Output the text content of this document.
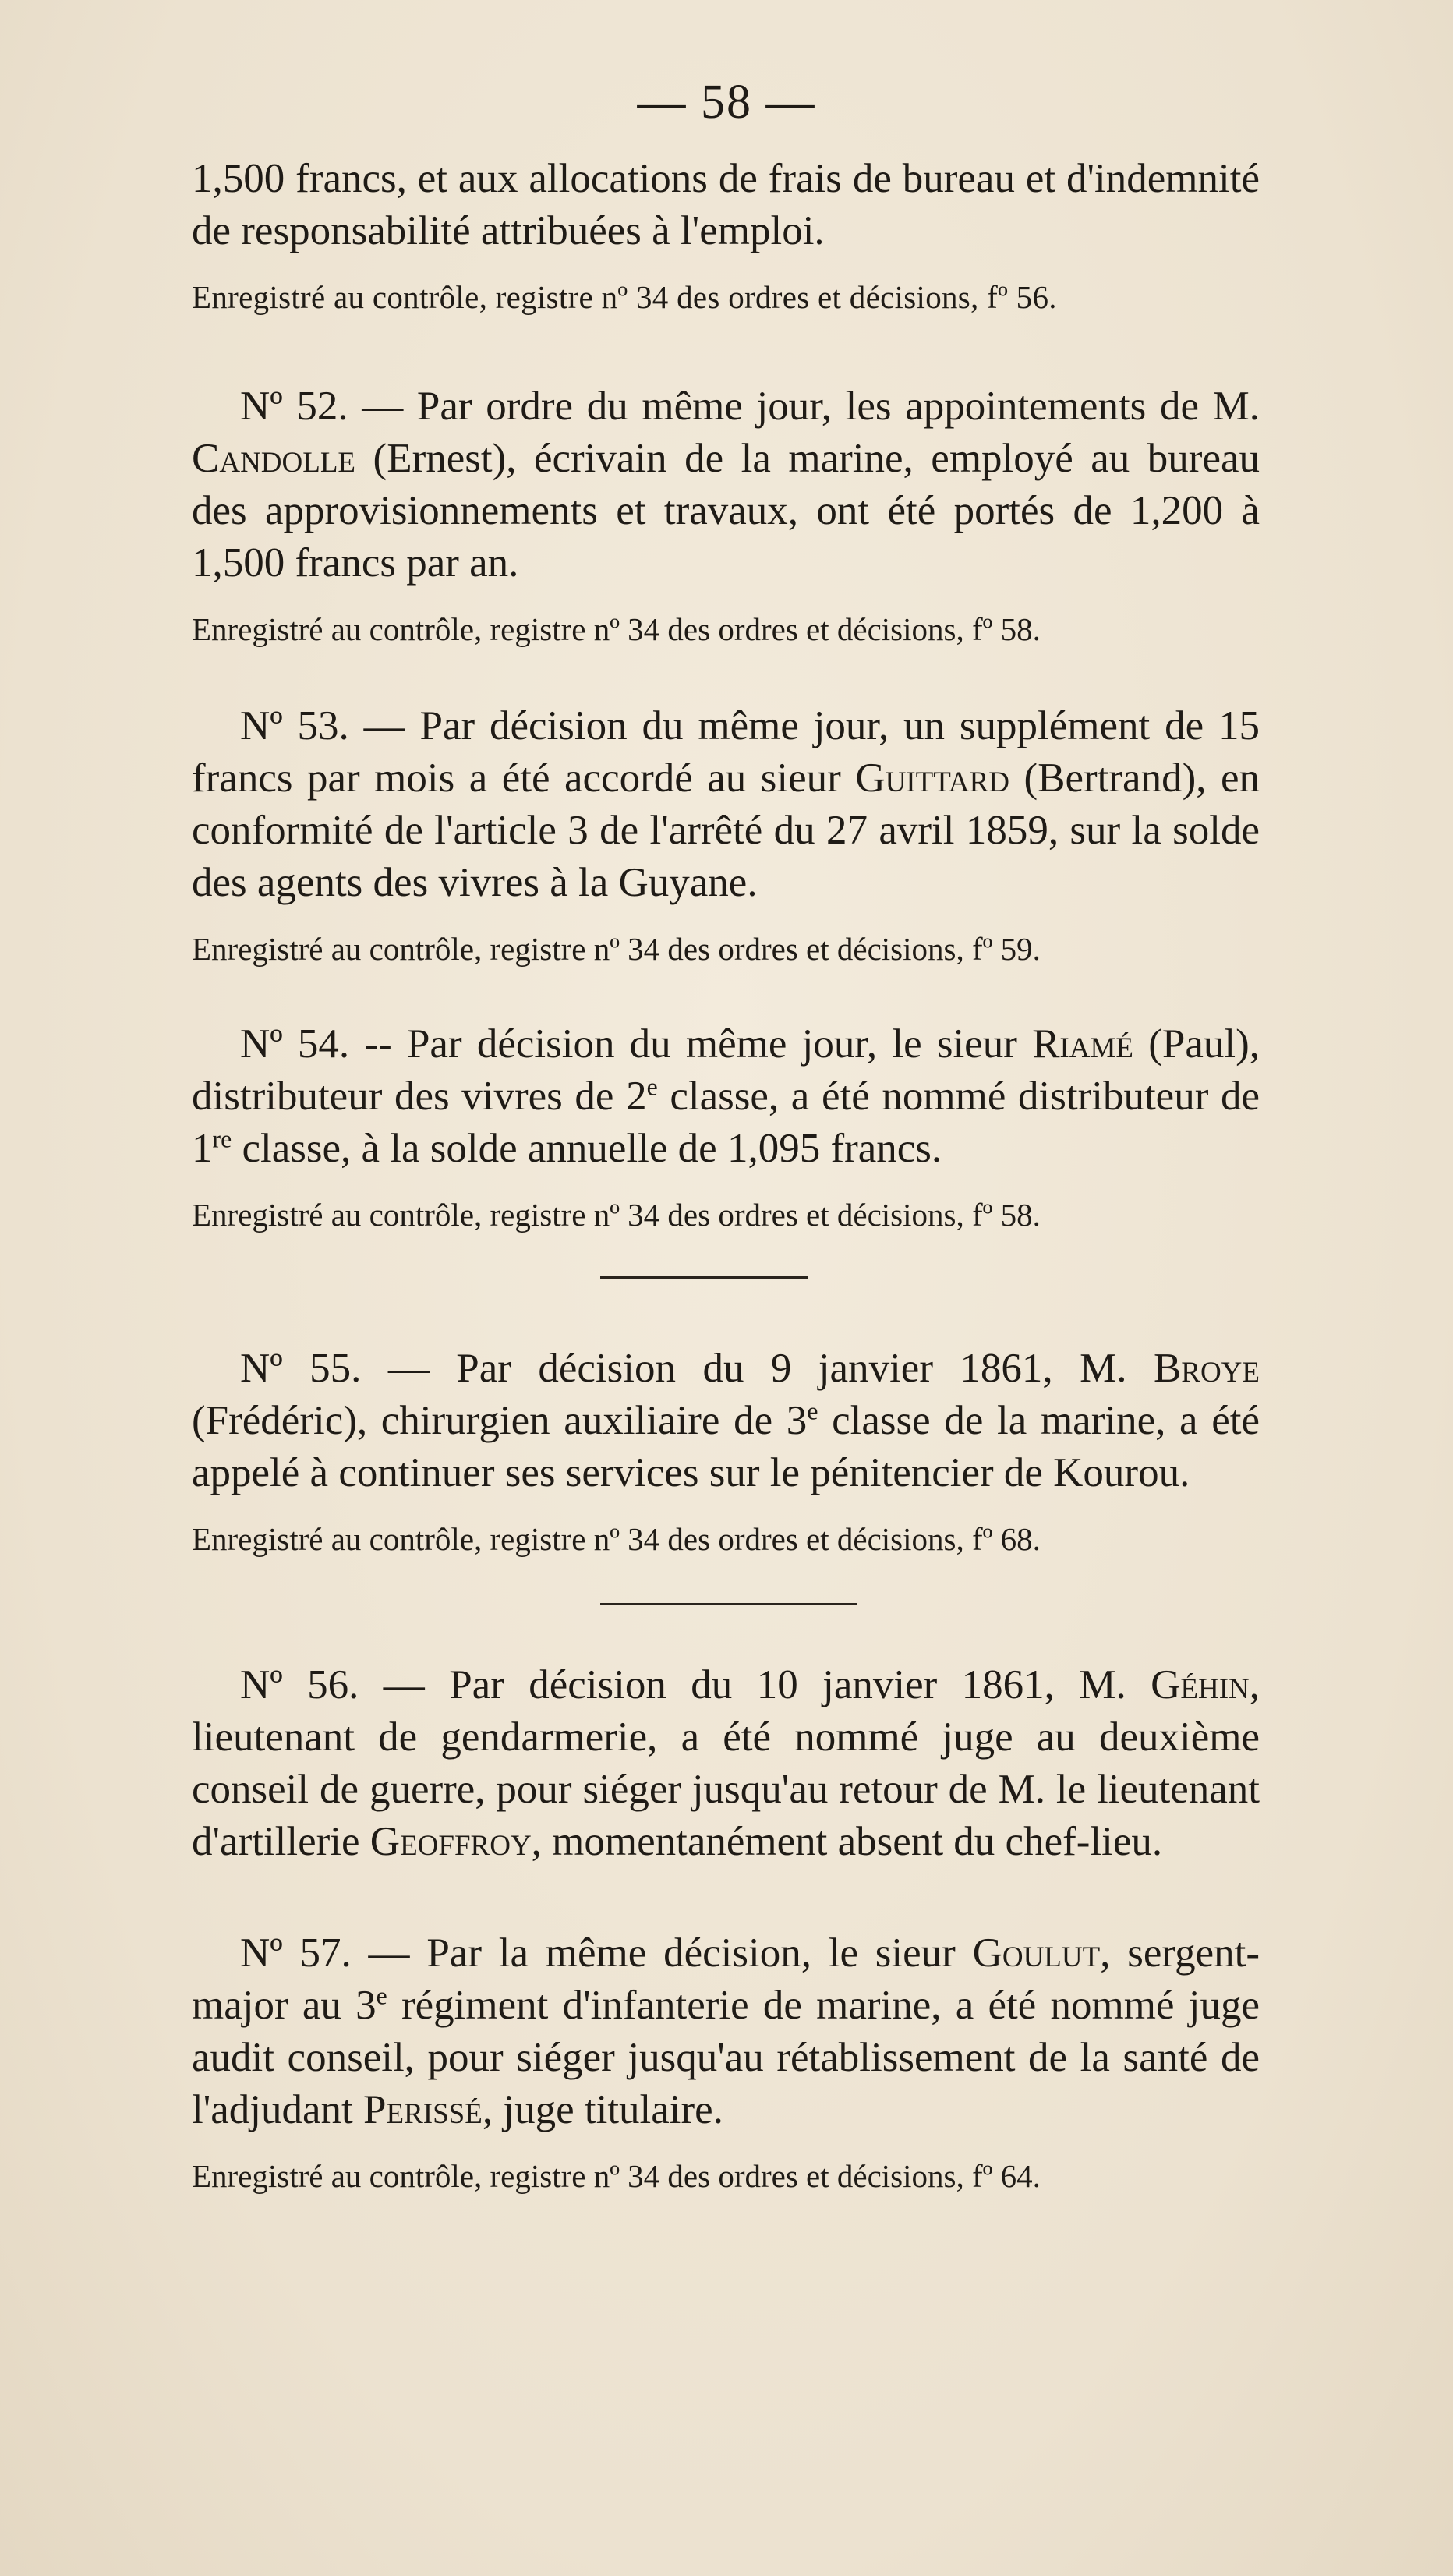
— 58 —

1,500 francs, et aux allocations de frais de bureau et d'indemnité de responsabilité attribuées à l'emploi.

Enregistré au contrôle, registre nº 34 des ordres et décisions, fº 56.

Nº 52. — Par ordre du même jour, les appointements de M. Candolle (Ernest), écrivain de la marine, employé au bureau des approvisionnements et travaux, ont été portés de 1,200 à 1,500 francs par an.

Enregistré au contrôle, registre nº 34 des ordres et décisions, fº 58.

Nº 53. — Par décision du même jour, un supplément de 15 francs par mois a été accordé au sieur Guittard (Bertrand), en conformité de l'article 3 de l'arrêté du 27 avril 1859, sur la solde des agents des vivres à la Guyane.

Enregistré au contrôle, registre nº 34 des ordres et décisions, fº 59.

Nº 54. -- Par décision du même jour, le sieur Riamé (Paul), distributeur des vivres de 2e classe, a été nommé distributeur de 1re classe, à la solde annuelle de 1,095 francs.

Enregistré au contrôle, registre nº 34 des ordres et décisions, fº 58.

Nº 55. — Par décision du 9 janvier 1861, M. Broye (Frédéric), chirurgien auxiliaire de 3e classe de la marine, a été appelé à continuer ses services sur le pénitencier de Kourou.

Enregistré au contrôle, registre nº 34 des ordres et décisions, fº 68.

Nº 56. — Par décision du 10 janvier 1861, M. Géhin, lieutenant de gendarmerie, a été nommé juge au deuxième conseil de guerre, pour siéger jusqu'au retour de M. le lieutenant d'artillerie Geoffroy, momentanément absent du chef-lieu.

Nº 57. — Par la même décision, le sieur Goulut, sergent-major au 3e régiment d'infanterie de marine, a été nommé juge audit conseil, pour siéger jusqu'au rétablissement de la santé de l'adjudant Perissé, juge titulaire.

Enregistré au contrôle, registre nº 34 des ordres et décisions, fº 64.
